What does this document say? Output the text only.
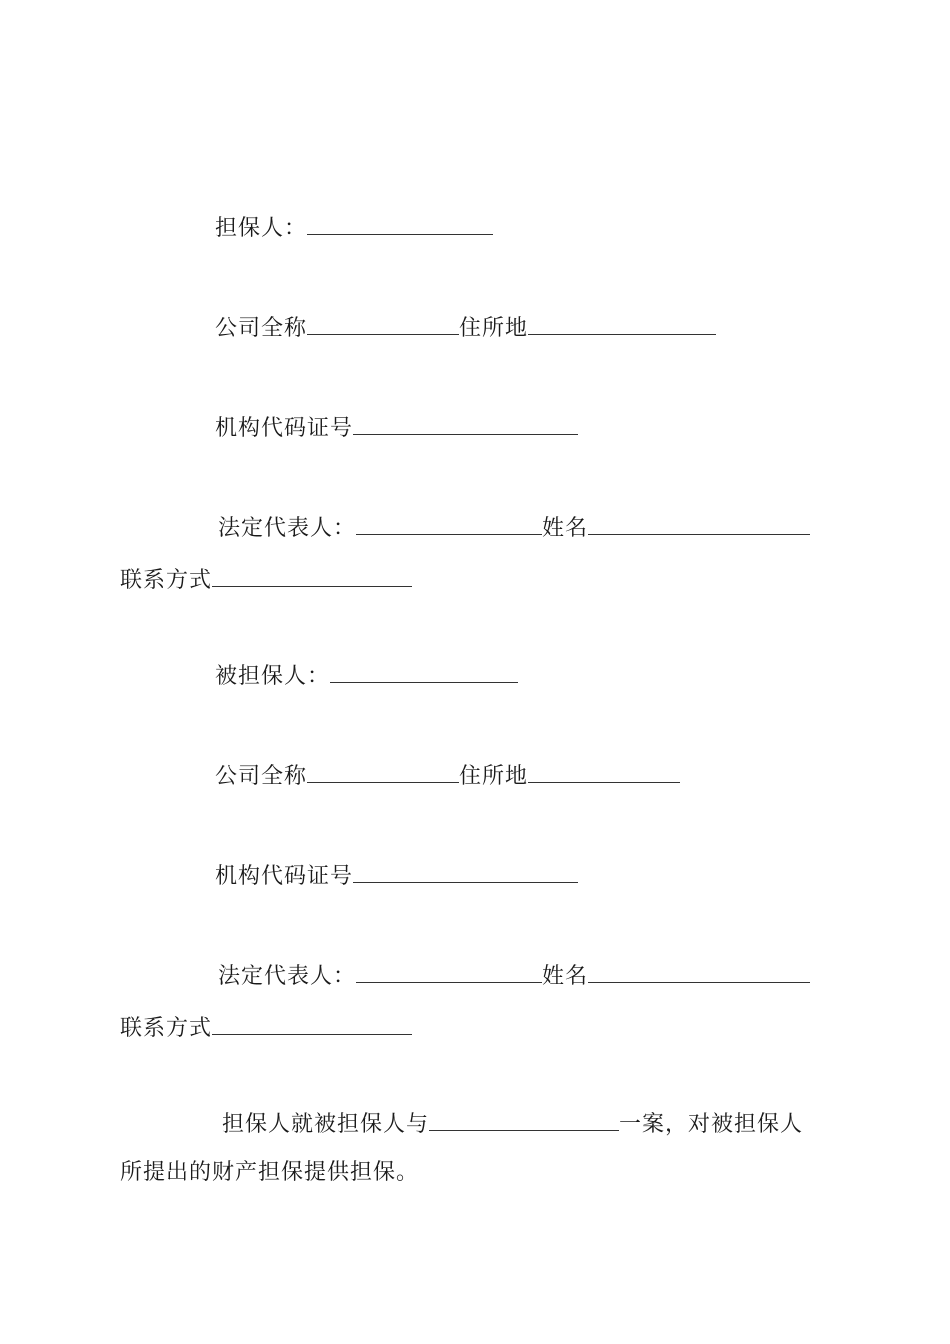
担保人：
公司全称	住所地
机构代码证号
法定代表人：	姓名
联系方式
被担保人：
公司全称	住所地
机构代码证号
法定代表人：	姓名
联系方式
担保人就被担保人与	一案，对被担保人
所提出的财产担保提供担保。
